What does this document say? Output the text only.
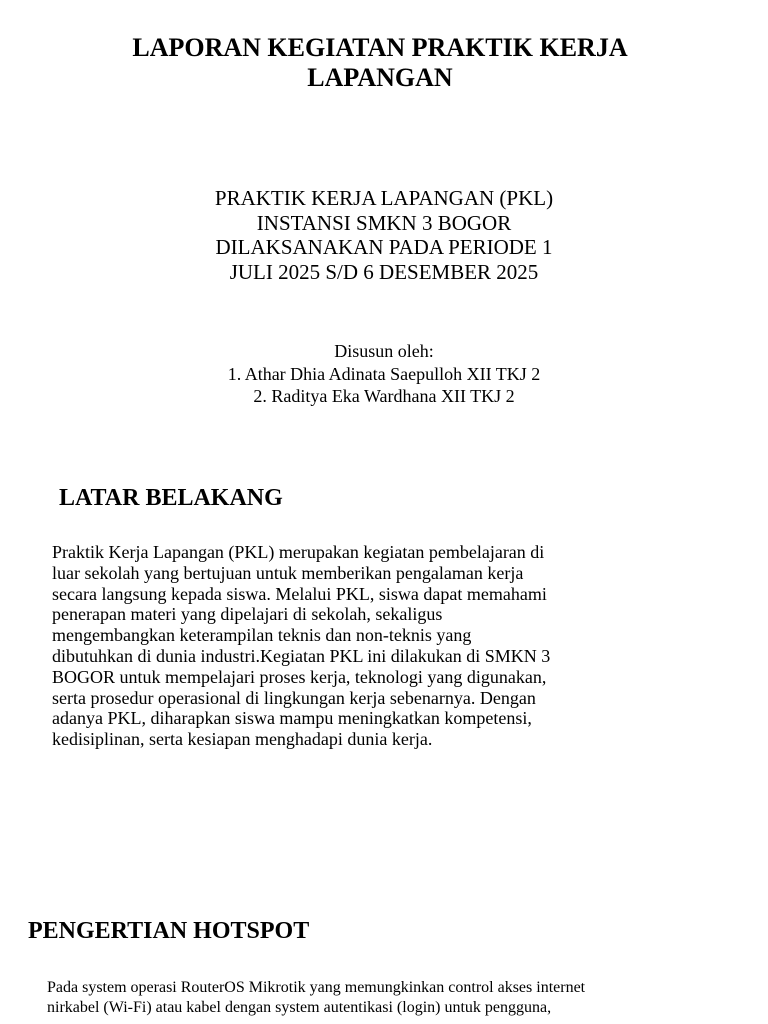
LAPORAN KEGIATAN PRAKTIK KERJA LAPANGAN
PRAKTIK KERJA LAPANGAN (PKL)
INSTANSI SMKN 3 BOGOR
DILAKSANAKAN PADA PERIODE 1
JULI 2025 S/D 6 DESEMBER 2025
Disusun oleh:
1. Athar Dhia Adinata Saepulloh XII TKJ 2
2. Raditya Eka Wardhana XII TKJ 2
LATAR BELAKANG
Praktik Kerja Lapangan (PKL) merupakan kegiatan pembelajaran di
luar sekolah yang bertujuan untuk memberikan pengalaman kerja
secara langsung kepada siswa. Melalui PKL, siswa dapat memahami
penerapan materi yang dipelajari di sekolah, sekaligus
mengembangkan keterampilan teknis dan non-teknis yang
dibutuhkan di dunia industri.Kegiatan PKL ini dilakukan di SMKN 3
BOGOR untuk mempelajari proses kerja, teknologi yang digunakan,
serta prosedur operasional di lingkungan kerja sebenarnya. Dengan
adanya PKL, diharapkan siswa mampu meningkatkan kompetensi,
kedisiplinan, serta kesiapan menghadapi dunia kerja.
PENGERTIAN HOTSPOT
Pada system operasi RouterOS Mikrotik yang memungkinkan control akses internet
nirkabel (Wi-Fi) atau kabel dengan system autentikasi (login) untuk pengguna,
